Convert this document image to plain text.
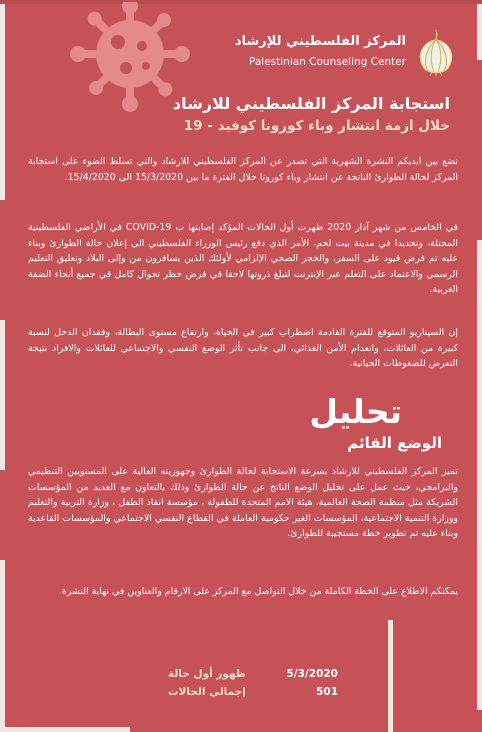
المركز الفلسطيني للإرشاد
Palestinian Counseling Center
استجابة المركز الفلسطيني للارشاد
خلال ازمة انتشار وباء كورونا كوفيد - 19
نضع بين ايديكم النشرة الشهرية التي تصدر عن المركز الفلسطيني للارشاد والتي تسلط الضوء على استجابة المركز لحالة الطوارئ الناتجة عن انتشار وباء كورونا خلال الفترة ما بين 15/3/2020 الى 15/4/2020.
في الخامس من شهر آذار 2020 ظهرت أول الحالات المؤكد إصابتها ب COVID-19 في الأراضي الفلسطينية المحتلة، وتحديدا في مدينة بيت لحم، الأمر الذي دفع رئيس الوزراء الفلسطيني الى إعلان حالة الطوارئ وبناء عليه تم فرض قيود على السفر، والحجر الصحي الإلزامي لأولئك الذين يسافرون من وإلى البلاد وتعليق التعليم الرسمي والاعتماد على التعلم عبر الإنترنت لتبلغ ذروتها لاحقا في فرض حظر تجوال كامل في جميع أنحاء الضفة الغربية.
إن السيناريو المتوقع للفترة القادمة اضطراب كبير في الحياة، وارتفاع مستوى البطالة، وفقدان الدخل لنسبة كبيرة من العائلات، وانعدام الأمن الغذائي، الى جانب تأثر الوضع النفسي والاجتماعي للعائلات والافراد نتيجة التعرض للضغوطات الحياتية.
تحليل
الوضع القائم
تميز المركز الفلسطيني للارشاد بسرعة الاستجابة لحالة الطوارئ وجهوزيته العالية على المستويين التنظيمي والبرامجي، حيث عمل على تحليل الوضع الناتج عن حالة الطوارئ وذلك بالتعاون مع العديد من المؤسسات الشريكة مثل منظمة الصحة العالمية، هيئة الامم المتحدة للطفولة ، مؤسسة انقاذ الطفل ، وزارة التربية والتعليم ووزارة التنمية الاجتماعية، المؤسسات الغير حكومية العاملة في القطاع النفسي الاجتماعي والمؤسسات القاعدية وبناء عليه تم تطوير خطة مستجيبة للطوارئ.
يمكنكم الاطلاع على الخطة الكاملة من خلال التواصل مع المركز على الارقام والعناوين في نهاية النشرة.
5/3/2020
ظهور أول حالة
501
إجمالي الحالات
